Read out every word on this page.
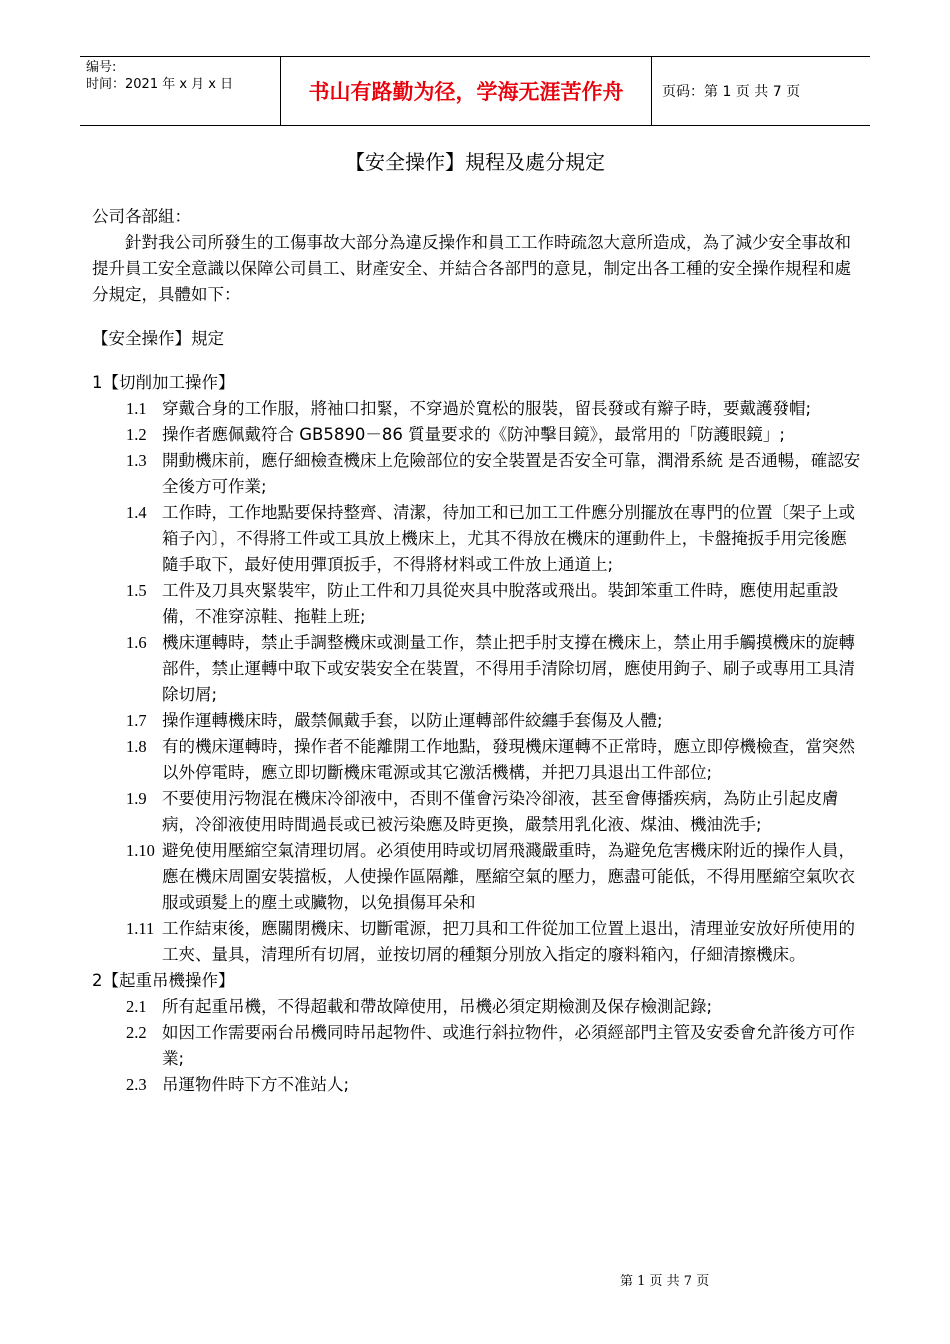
编号:
时间：2021 年 x 月 x 日	书山有路勤为径，学海无涯苦作舟	页码：第 1 页 共 7 页
【安全操作】規程及處分規定

公司各部組：

針對我公司所發生的工傷事故大部分為違反操作和員工工作時疏忽大意所造成，為了減少安全事故和提升員工安全意識以保障公司員工、財產安全、并結合各部門的意見，制定出各工種的安全操作規程和處分規定，具體如下：

【安全操作】規定

1【切削加工操作】

1.1 穿戴合身的工作服，將袖口扣緊，不穿過於寬松的服裝，留長發或有辮子時，要戴護發帽;
1.2 操作者應佩戴符合 GB5890－86 質量要求的《防沖擊目鏡》，最常用的「防護眼鏡」;
1.3 開動機床前，應仔細檢查機床上危險部位的安全裝置是否安全可靠，潤滑系統 是否通暢，確認安全後方可作業;
1.4 工作時，工作地點要保持整齊、清潔，待加工和已加工工件應分別擺放在專門的位置〔架子上或箱子內〕，不得將工件或工具放上機床上，尤其不得放在機床的運動件上，卡盤掩扳手用完後應隨手取下，最好使用彈頂扳手，不得將材料或工件放上通道上;
1.5 工件及刀具夾緊裝牢，防止工件和刀具從夾具中脫落或飛出。裝卸笨重工件時，應使用起重設備，不准穿涼鞋、拖鞋上班;
1.6 機床運轉時，禁止手調整機床或測量工作，禁止把手肘支撐在機床上，禁止用手觸摸機床的旋轉部件，禁止運轉中取下或安裝安全在裝置，不得用手清除切屑，應使用鉤子、刷子或專用工具清除切屑;
1.7 操作運轉機床時，嚴禁佩戴手套，以防止運轉部件絞纏手套傷及人體;
1.8 有的機床運轉時，操作者不能離開工作地點，發現機床運轉不正常時，應立即停機檢查，當突然以外停電時，應立即切斷機床電源或其它激活機構，并把刀具退出工件部位;
1.9 不要使用污物混在機床冷卻液中，否則不僅會污染冷卻液，甚至會傳播疾病，為防止引起皮膚病，冷卻液使用時間過長或已被污染應及時更換，嚴禁用乳化液、煤油、機油洗手;
1.10 避免使用壓縮空氣清理切屑。必須使用時或切屑飛濺嚴重時，為避免危害機床附近的操作人員，應在機床周圍安裝擋板，人使操作區隔離，壓縮空氣的壓力，應盡可能低，不得用壓縮空氣吹衣服或頭髮上的塵土或臟物，以免損傷耳朵和
1.11 工作結束後，應關閉機床、切斷電源，把刀具和工件從加工位置上退出，清理並安放好所使用的工夾、量具，清理所有切屑，並按切屑的種類分別放入指定的廢料箱內，仔細清擦機床。

2【起重吊機操作】

2.1 所有起重吊機，不得超載和帶故障使用，吊機必須定期檢測及保存檢測記錄;
2.2 如因工作需要兩台吊機同時吊起物件、或進行斜拉物件，必須經部門主管及安委會允許後方可作業;
2.3 吊運物件時下方不准站人;
第 1 页 共 7 页
